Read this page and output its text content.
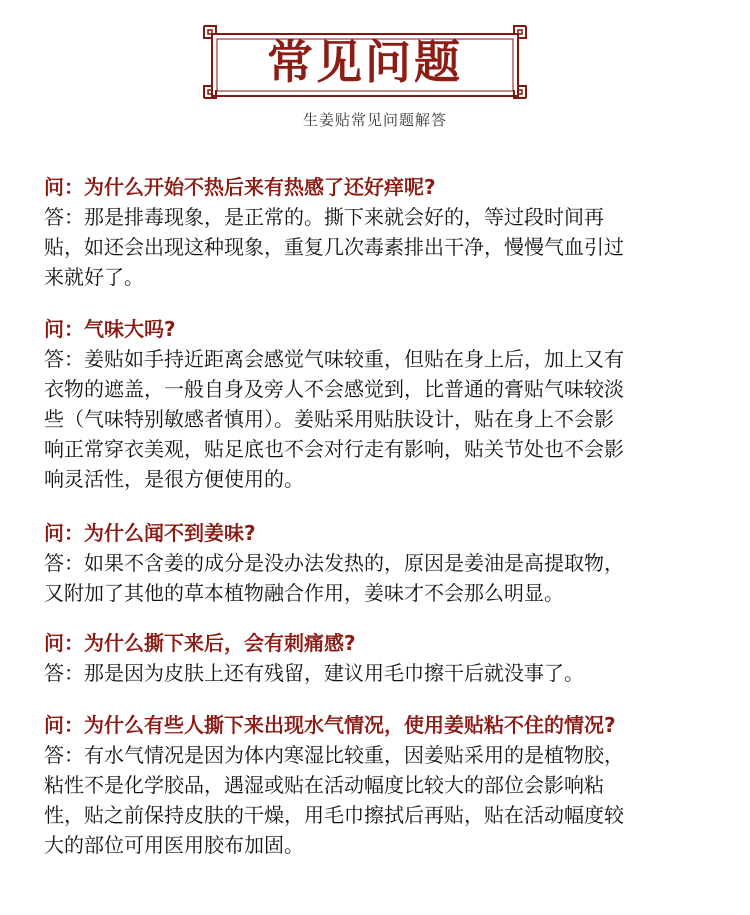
常见问题
生姜贴常见问题解答
问：为什么开始不热后来有热感了还好痒呢?
答：那是排毒现象，是正常的。撕下来就会好的，等过段时间再
贴，如还会出现这种现象，重复几次毒素排出干净，慢慢气血引过
来就好了。
问：气味大吗?
答：姜贴如手持近距离会感觉气味较重，但贴在身上后，加上又有
衣物的遮盖，一般自身及旁人不会感觉到，比普通的膏贴气味较淡
些（气味特别敏感者慎用）。姜贴采用贴肤设计，贴在身上不会影
响正常穿衣美观，贴足底也不会对行走有影响，贴关节处也不会影
响灵活性，是很方便使用的。
问：为什么闻不到姜味?
答：如果不含姜的成分是没办法发热的，原因是姜油是高提取物，
又附加了其他的草本植物融合作用，姜味才不会那么明显。
问：为什么撕下来后，会有刺痛感?
答：那是因为皮肤上还有残留，建议用毛巾擦干后就没事了。
问：为什么有些人撕下来出现水气情况，使用姜贴粘不住的情况?
答：有水气情况是因为体内寒湿比较重，因姜贴采用的是植物胶，
粘性不是化学胶品，遇湿或贴在活动幅度比较大的部位会影响粘
性，贴之前保持皮肤的干燥，用毛巾擦拭后再贴，贴在活动幅度较
大的部位可用医用胶布加固。
